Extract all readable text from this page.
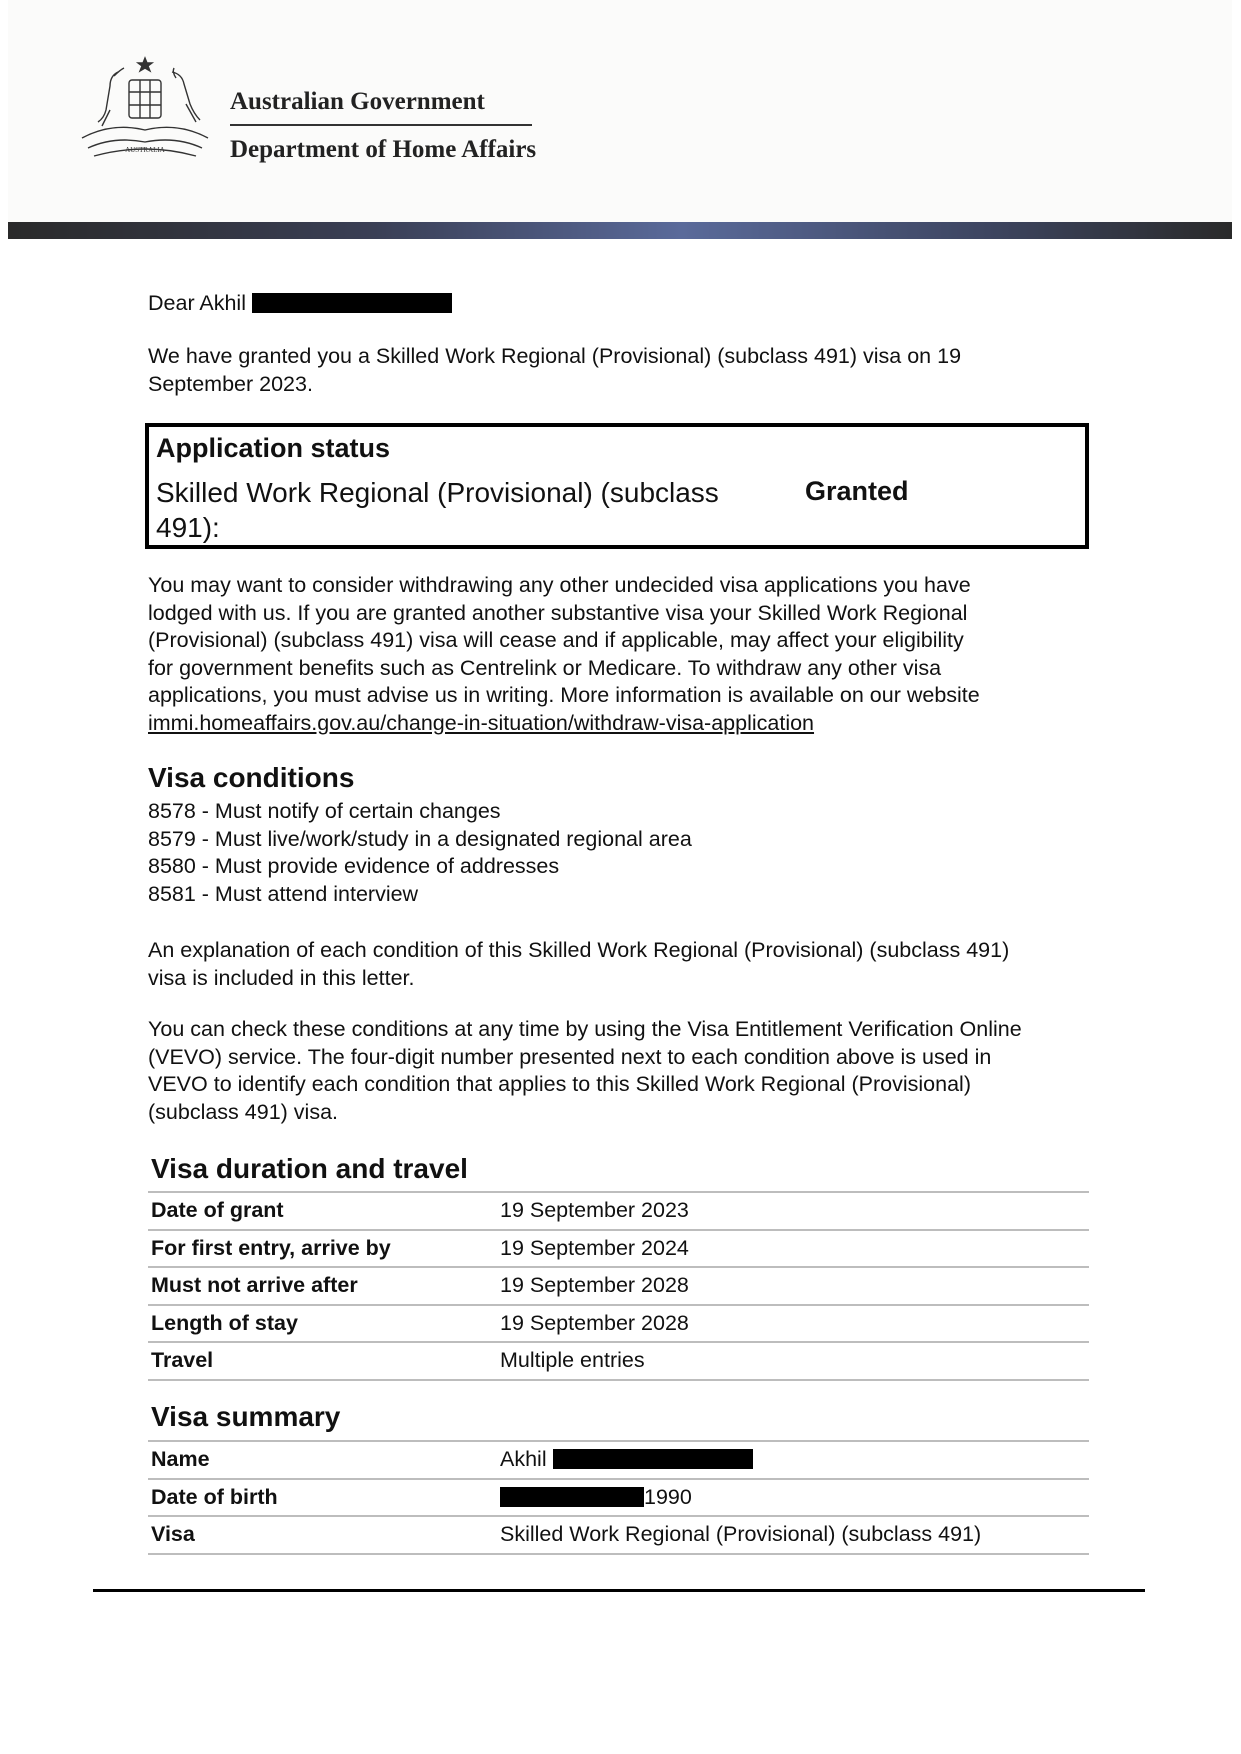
AUSTRALIA
Australian Government
Department of Home Affairs
Dear Akhil
We have granted you a Skilled Work Regional (Provisional) (subclass 491) visa on 19
September 2023.
Application status
Skilled Work Regional (Provisional) (subclass
491):
Granted
You may want to consider withdrawing any other undecided visa applications you have
lodged with us. If you are granted another substantive visa your Skilled Work Regional
(Provisional) (subclass 491) visa will cease and if applicable, may affect your eligibility
for government benefits such as Centrelink or Medicare. To withdraw any other visa
applications, you must advise us in writing. More information is available on our website
immi.homeaffairs.gov.au/change-in-situation/withdraw-visa-application
Visa conditions
8578 - Must notify of certain changes
8579 - Must live/work/study in a designated regional area
8580 - Must provide evidence of addresses
8581 - Must attend interview
An explanation of each condition of this Skilled Work Regional (Provisional) (subclass 491)
visa is included in this letter.
You can check these conditions at any time by using the Visa Entitlement Verification Online
(VEVO) service. The four-digit number presented next to each condition above is used in
VEVO to identify each condition that applies to this Skilled Work Regional (Provisional)
(subclass 491) visa.
Visa duration and travel
Date of grant	19 September 2023
For first entry, arrive by	19 September 2024
Must not arrive after	19 September 2028
Length of stay	19 September 2028
Travel	Multiple entries
Visa summary
Name	Akhil
Date of birth	1990
Visa	Skilled Work Regional (Provisional) (subclass 491)
